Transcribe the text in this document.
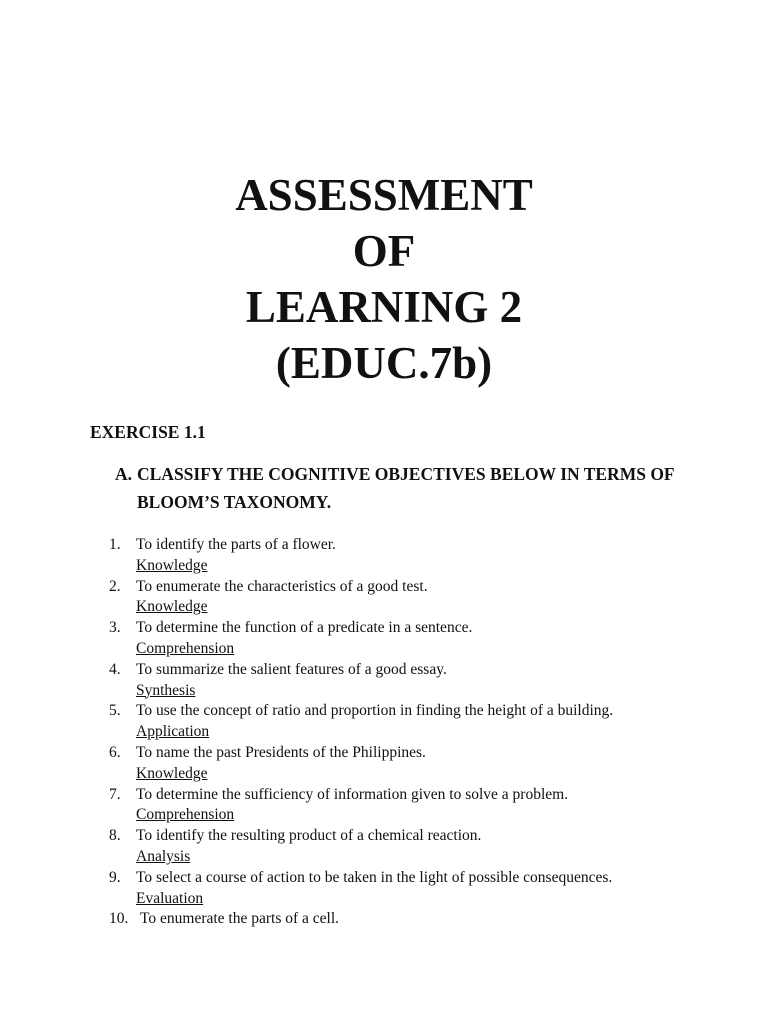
ASSESSMENT
OF
LEARNING 2
(EDUC.7b)
EXERCISE 1.1
A. CLASSIFY THE COGNITIVE OBJECTIVES BELOW IN TERMS OF BLOOM’S TAXONOMY.
1. To identify the parts of a flower.
Knowledge
2. To enumerate the characteristics of a good test.
Knowledge
3. To determine the function of a predicate in a sentence.
Comprehension
4. To summarize the salient features of a good essay.
Synthesis
5. To use the concept of ratio and proportion in finding the height of a building.
Application
6. To name the past Presidents of the Philippines.
Knowledge
7. To determine the sufficiency of information given to solve a problem.
Comprehension
8. To identify the resulting product of a chemical reaction.
Analysis
9. To select a course of action to be taken in the light of possible consequences.
Evaluation
10. To enumerate the parts of a cell.
